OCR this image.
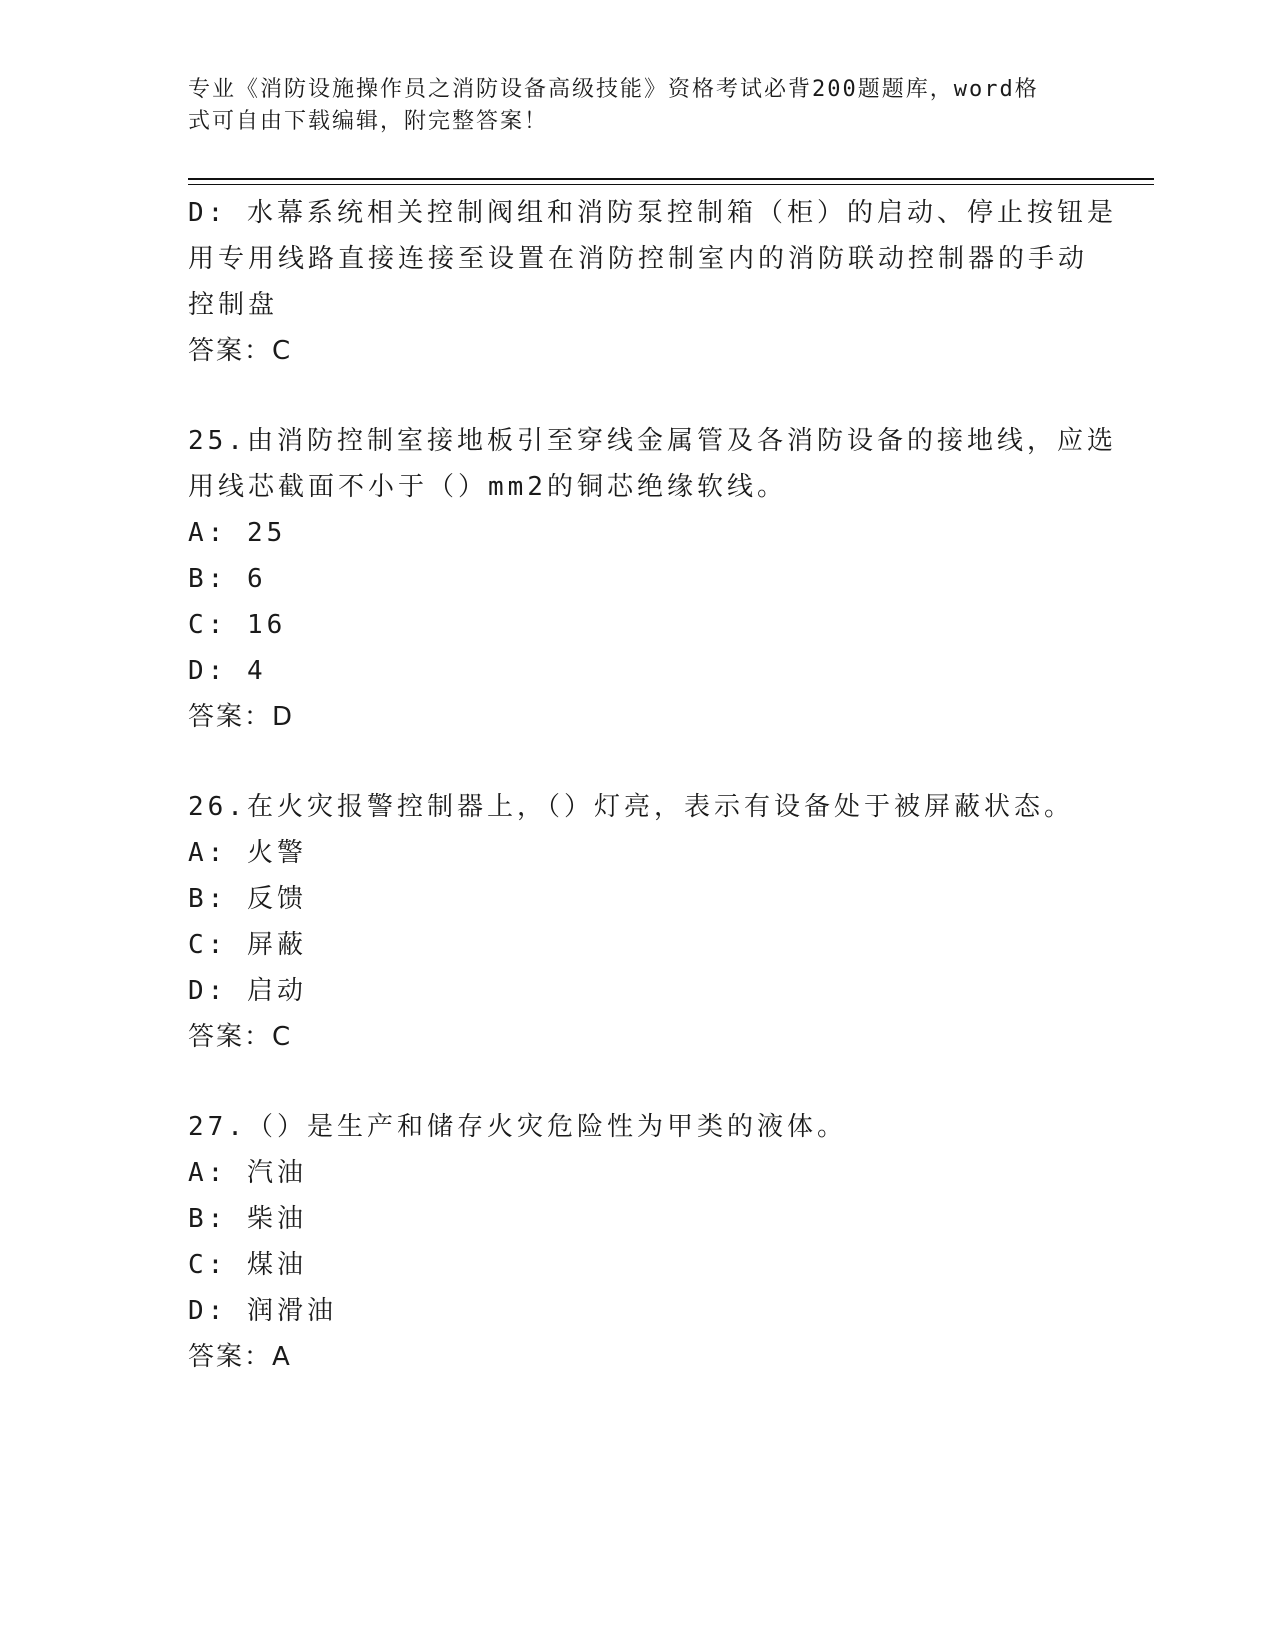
专业《消防设施操作员之消防设备高级技能》资格考试必背200题题库，word格
式可自由下载编辑，附完整答案！
D: 水幕系统相关控制阀组和消防泵控制箱（柜）的启动、停止按钮是
用专用线路直接连接至设置在消防控制室内的消防联动控制器的手动
控制盘
答案：C
25.由消防控制室接地板引至穿线金属管及各消防设备的接地线，应选
用线芯截面不小于（）mm2的铜芯绝缘软线。
A: 25
B: 6
C: 16
D: 4
答案：D
26.在火灾报警控制器上，（）灯亮，表示有设备处于被屏蔽状态。
A: 火警
B: 反馈
C: 屏蔽
D: 启动
答案：C
27.（）是生产和储存火灾危险性为甲类的液体。
A: 汽油
B: 柴油
C: 煤油
D: 润滑油
答案：A
